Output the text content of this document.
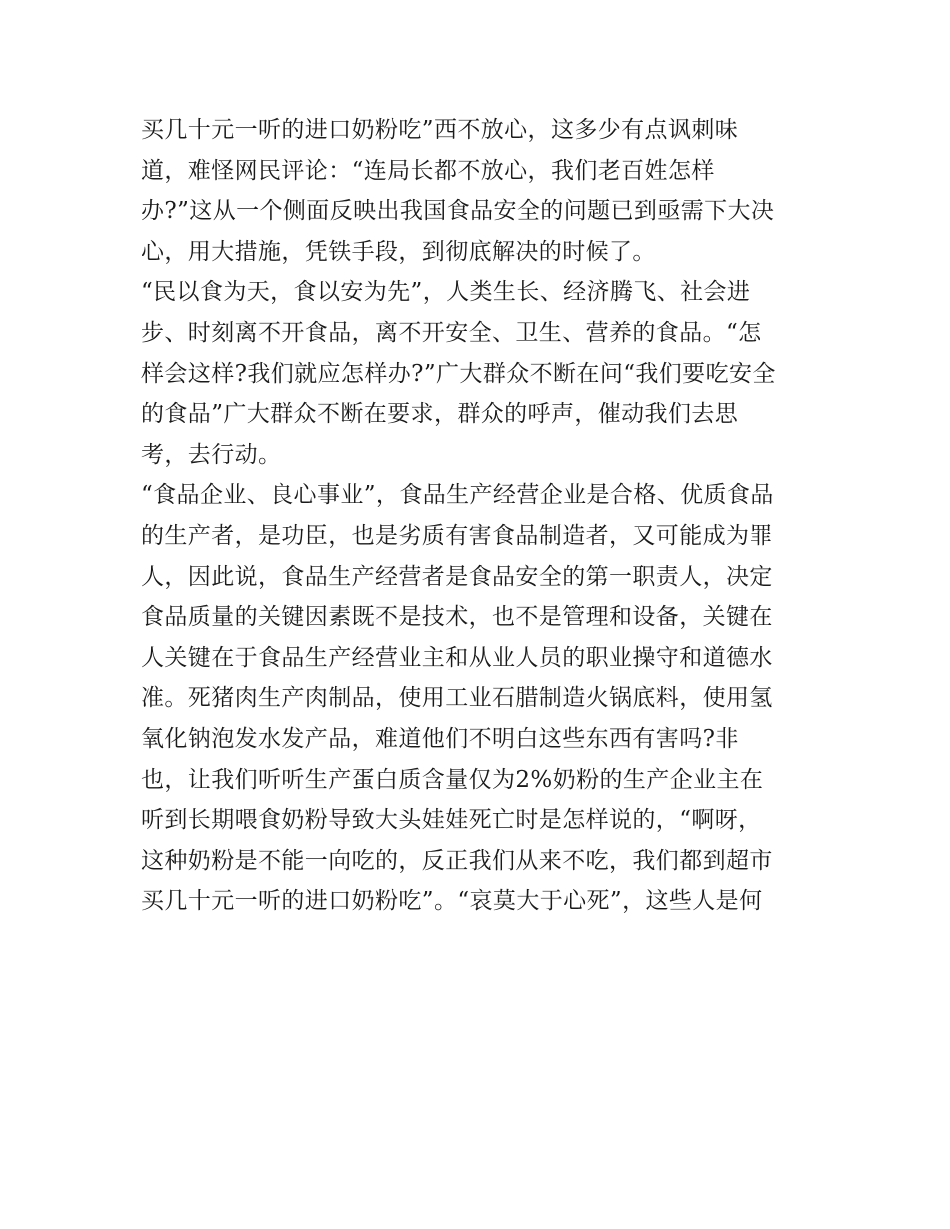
买几十元一听的进口奶粉吃”西不放心，这多少有点讽刺味
道，难怪网民评论：“连局长都不放心，我们老百姓怎样
办?”这从一个侧面反映出我国食品安全的问题已到亟需下大决
心，用大措施，凭铁手段，到彻底解决的时候了。
“民以食为天，食以安为先”，人类生长、经济腾飞、社会进
步、时刻离不开食品，离不开安全、卫生、营养的食品。“怎
样会这样?我们就应怎样办?”广大群众不断在问“我们要吃安全
的食品”广大群众不断在要求，群众的呼声，催动我们去思
考，去行动。
“食品企业、良心事业”，食品生产经营企业是合格、优质食品
的生产者，是功臣，也是劣质有害食品制造者，又可能成为罪
人，因此说，食品生产经营者是食品安全的第一职责人，决定
食品质量的关键因素既不是技术，也不是管理和设备，关键在
人关键在于食品生产经营业主和从业人员的职业操守和道德水
准。死猪肉生产肉制品，使用工业石腊制造火锅底料，使用氢
氧化钠泡发水发产品，难道他们不明白这些东西有害吗?非
也，让我们听听生产蛋白质含量仅为2%奶粉的生产企业主在
听到长期喂食奶粉导致大头娃娃死亡时是怎样说的，“啊呀，
这种奶粉是不能一向吃的，反正我们从来不吃，我们都到超市
买几十元一听的进口奶粉吃”。“哀莫大于心死”，这些人是何
